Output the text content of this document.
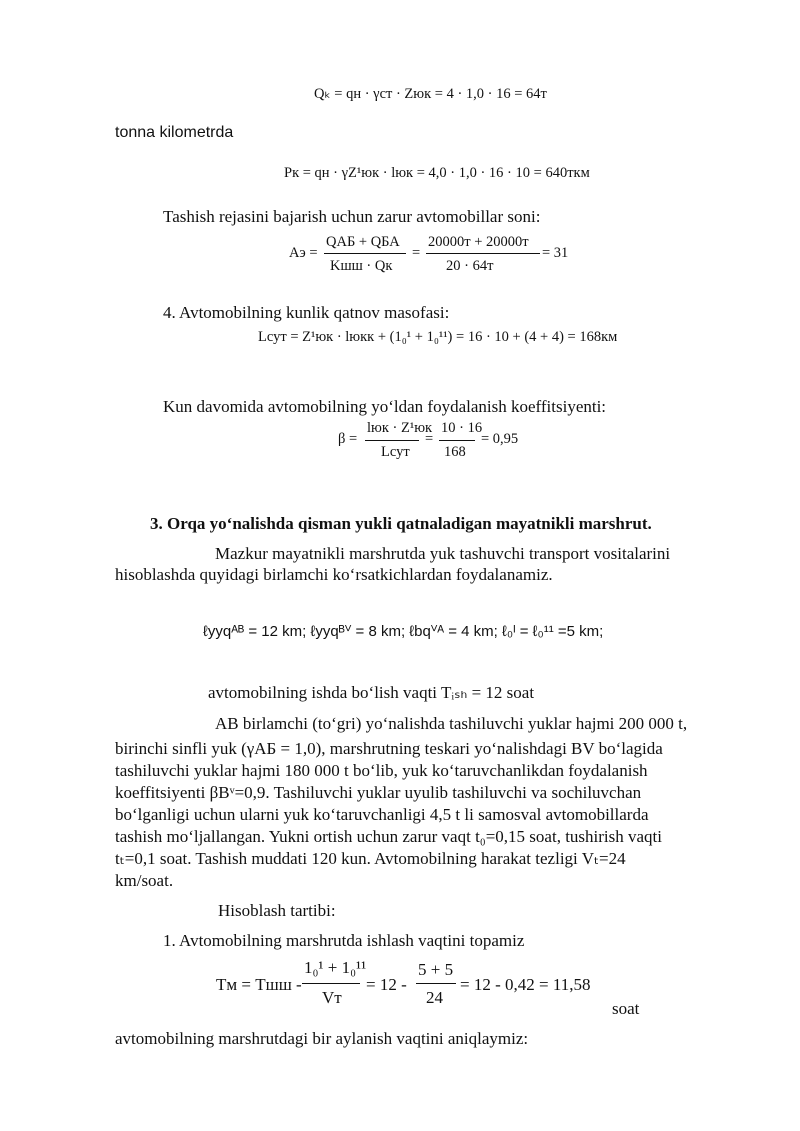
Qₖ = qн · γст · Zюк = 4 · 1,0 · 16 = 64т
tonna kilometrda
Pк = qн · γZ¹юк · lюк = 4,0 · 1,0 · 16 · 10 = 640ткм
Tashish rejasini bajarish uchun zarur avtomobillar soni:
Aэ =
QАБ + QБА
Kшш · Qк
=
20000т + 20000т
20 · 64т
= 31
4. Avtomobilning kunlik qatnov masofasi:
Lсут = Z¹юк · lюкк + (1₀¹ + 1₀¹¹) = 16 · 10 + (4 + 4) = 168км
Kun davomida avtomobilning yo‘ldan foydalanish koeffitsiyenti:
β =
lюк · Z¹юк
Lсут
=
10 · 16
168
= 0,95
3. Orqa yo‘nalishda qisman yukli qatnaladigan mayatnikli marshrut.
Mazkur mayatnikli marshrutda yuk tashuvchi transport vositalarini
hisoblashda quyidagi birlamchi ko‘rsatkichlardan foydalanamiz.
ℓууqᴬᴮ = 12 km; ℓууqᴮⱽ = 8 km; ℓbqⱽᴬ = 4 km; ℓ₀ᴵ = ℓ₀¹¹ =5 km;
avtomobilning ishda bo‘lish vaqti Tᵢₛₕ = 12 soat
AB birlamchi (to‘gri) yo‘nalishda tashiluvchi yuklar hajmi 200 000 t,
birinchi sinfli yuk (γАБ = 1,0), marshrutning teskari yo‘nalishdagi BV bo‘lagida
tashiluvchi yuklar hajmi 180 000 t bo‘lib, yuk ko‘taruvchanlikdan foydalanish
koeffitsiyenti βΒᵛ=0,9. Tashiluvchi yuklar uyulib tashiluvchi va sochiluvchan
bo‘lganligi uchun ularni yuk ko‘taruvchanligi 4,5 t li samosval avtomobillarda
tashish mo‘ljallangan. Yukni ortish uchun zarur vaqt t₀=0,15 soat, tushirish vaqti
tₜ=0,1 soat. Tashish muddati 120 kun. Avtomobilning harakat tezligi Vₜ=24
km/soat.
Hisoblash tartibi:
1. Avtomobilning marshrutda ishlash vaqtini topamiz
Tм = Tшш -
1₀¹ + 1₀¹¹
Vт
= 12 -
5 + 5
24
= 12 - 0,42 = 11,58
soat
avtomobilning marshrutdagi bir aylanish vaqtini aniqlaymiz:
